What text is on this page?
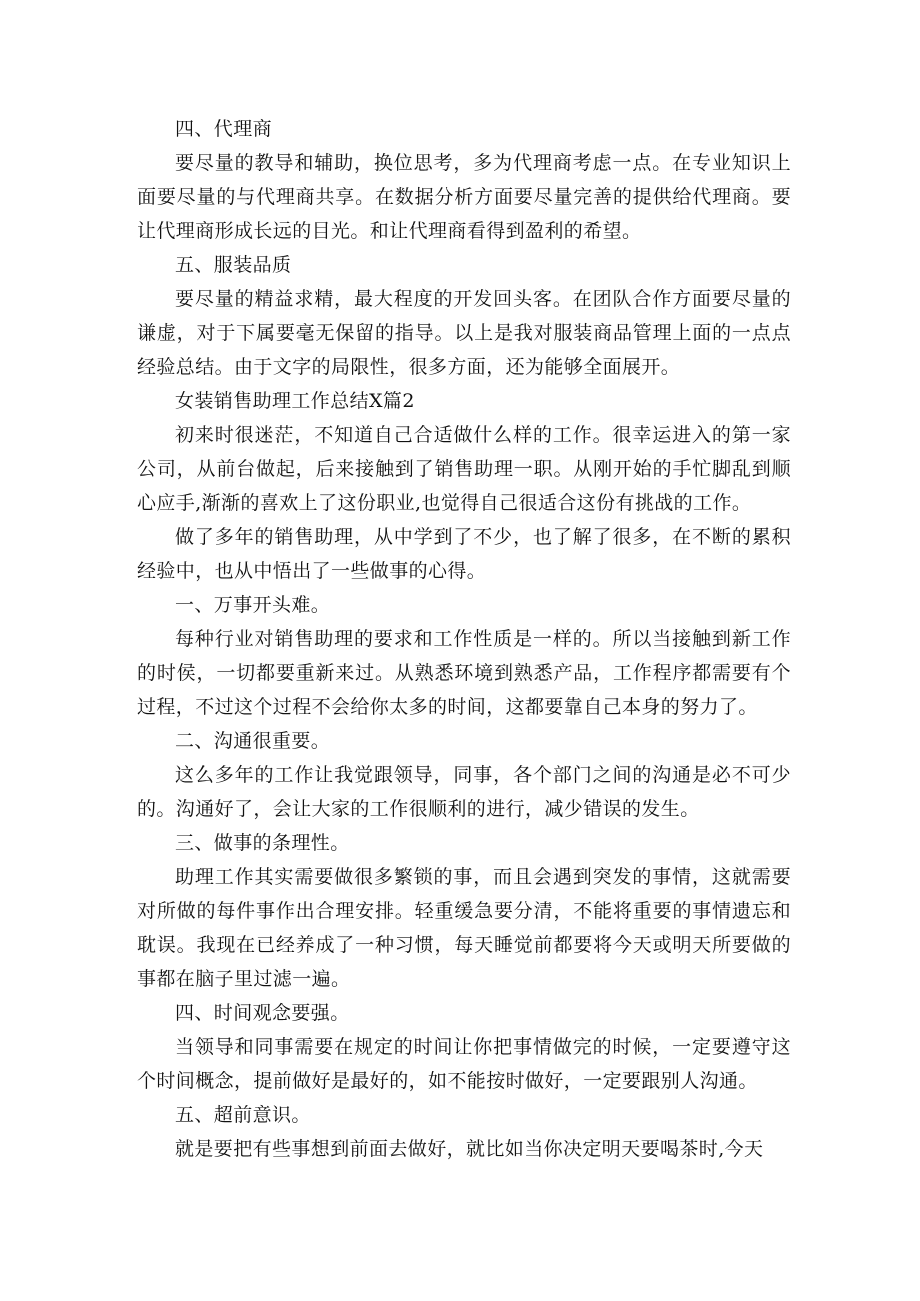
四、代理商

要尽量的教导和辅助，换位思考，多为代理商考虑一点。在专业知识上面要尽量的与代理商共享。在数据分析方面要尽量完善的提供给代理商。要让代理商形成长远的目光。和让代理商看得到盈利的希望。

五、服装品质

要尽量的精益求精，最大程度的开发回头客。在团队合作方面要尽量的谦虚，对于下属要毫无保留的指导。以上是我对服装商品管理上面的一点点经验总结。由于文字的局限性，很多方面，还为能够全面展开。

女装销售助理工作总结X篇2

初来时很迷茫，不知道自己合适做什么样的工作。很幸运进入的第一家公司，从前台做起，后来接触到了销售助理一职。从刚开始的手忙脚乱到顺心应手,渐渐的喜欢上了这份职业,也觉得自己很适合这份有挑战的工作。

做了多年的销售助理，从中学到了不少，也了解了很多，在不断的累积经验中，也从中悟出了一些做事的心得。

一、万事开头难。

每种行业对销售助理的要求和工作性质是一样的。所以当接触到新工作的时侯，一切都要重新来过。从熟悉环境到熟悉产品，工作程序都需要有个过程，不过这个过程不会给你太多的时间，这都要靠自己本身的努力了。

二、沟通很重要。

这么多年的工作让我觉跟领导，同事，各个部门之间的沟通是必不可少的。沟通好了，会让大家的工作很顺利的进行，减少错误的发生。

三、做事的条理性。

助理工作其实需要做很多繁锁的事，而且会遇到突发的事情，这就需要对所做的每件事作出合理安排。轻重缓急要分清，不能将重要的事情遗忘和耽误。我现在已经养成了一种习惯，每天睡觉前都要将今天或明天所要做的事都在脑子里过滤一遍。

四、时间观念要强。

当领导和同事需要在规定的时间让你把事情做完的时候，一定要遵守这个时间概念，提前做好是最好的，如不能按时做好，一定要跟别人沟通。

五、超前意识。

就是要把有些事想到前面去做好，就比如当你决定明天要喝茶时,今天
